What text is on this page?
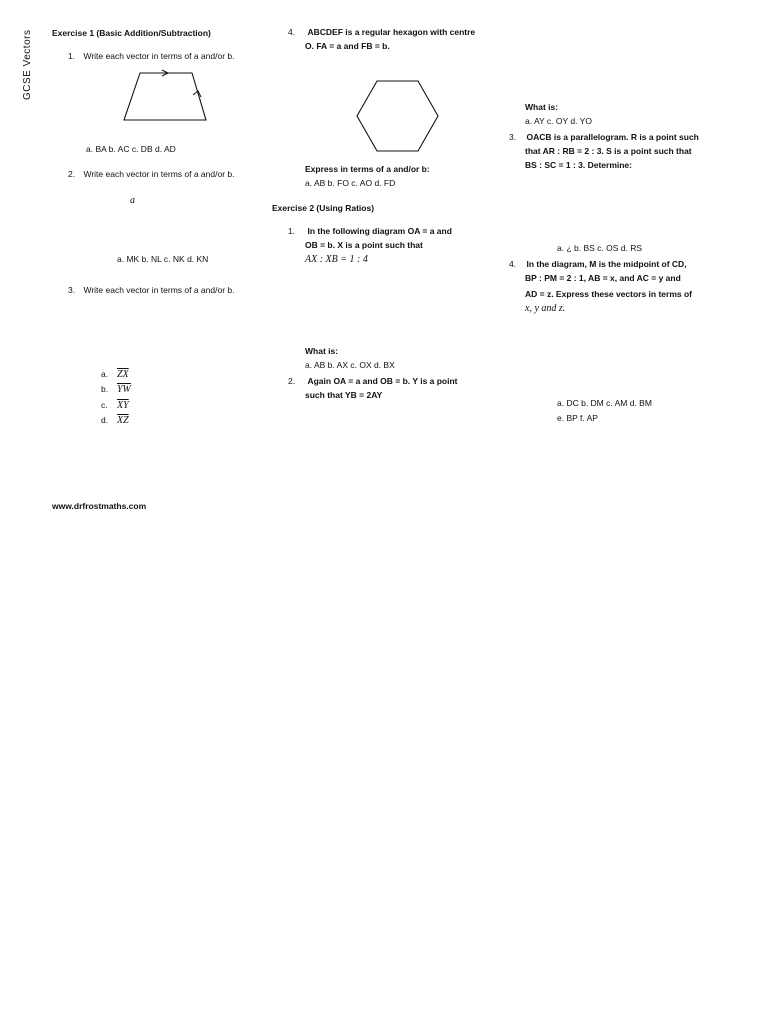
GCSE Vectors Exercise 1 (Basic Addition/Subtraction)
1. Write each vector in terms of a and/or b.
a. BA b. AC c. DB d. AD
2. Write each vector in terms of a and/or b.
a
a. MK b. NL c. NK d. KN
3. Write each vector in terms of a and/or b.
a. $\overline{ZX}$
b. $\overline{YW}$
c. $\overline{XY}$
d. $\overline{XZ}$
www.drfrostmaths.com
4. ABCDEF is a regular hexagon with centre
O. FA = a and FB = b.
Express in terms of a and/or b:
a. AB b. FO c. AO d. FD
Exercise 2 (Using Ratios)
1. In the following diagram OA = a and
OB = b. X is a point such that
AX : XB = 1 : 4
What is:
a. AB b. AX c. OX d. BX
2. Again OA = a and OB = b. Y is a point
such that YB = 2AY
What is:
a. AY c. OY d. YO
3. OACB is a parallelogram. R is a point such
that AR : RB = 2 : 3. S is a point such that
BS : SC = 1 : 3. Determine:
a. ¿ b. BS c. OS d. RS
4. In the diagram, M is the midpoint of CD,
BP : PM = 2 : 1, AB = x, and AC = y and
AD = z. Express these vectors in terms of
x, y and z.
a. DC b. DM c. AM d. BM
e. BP f. AP
